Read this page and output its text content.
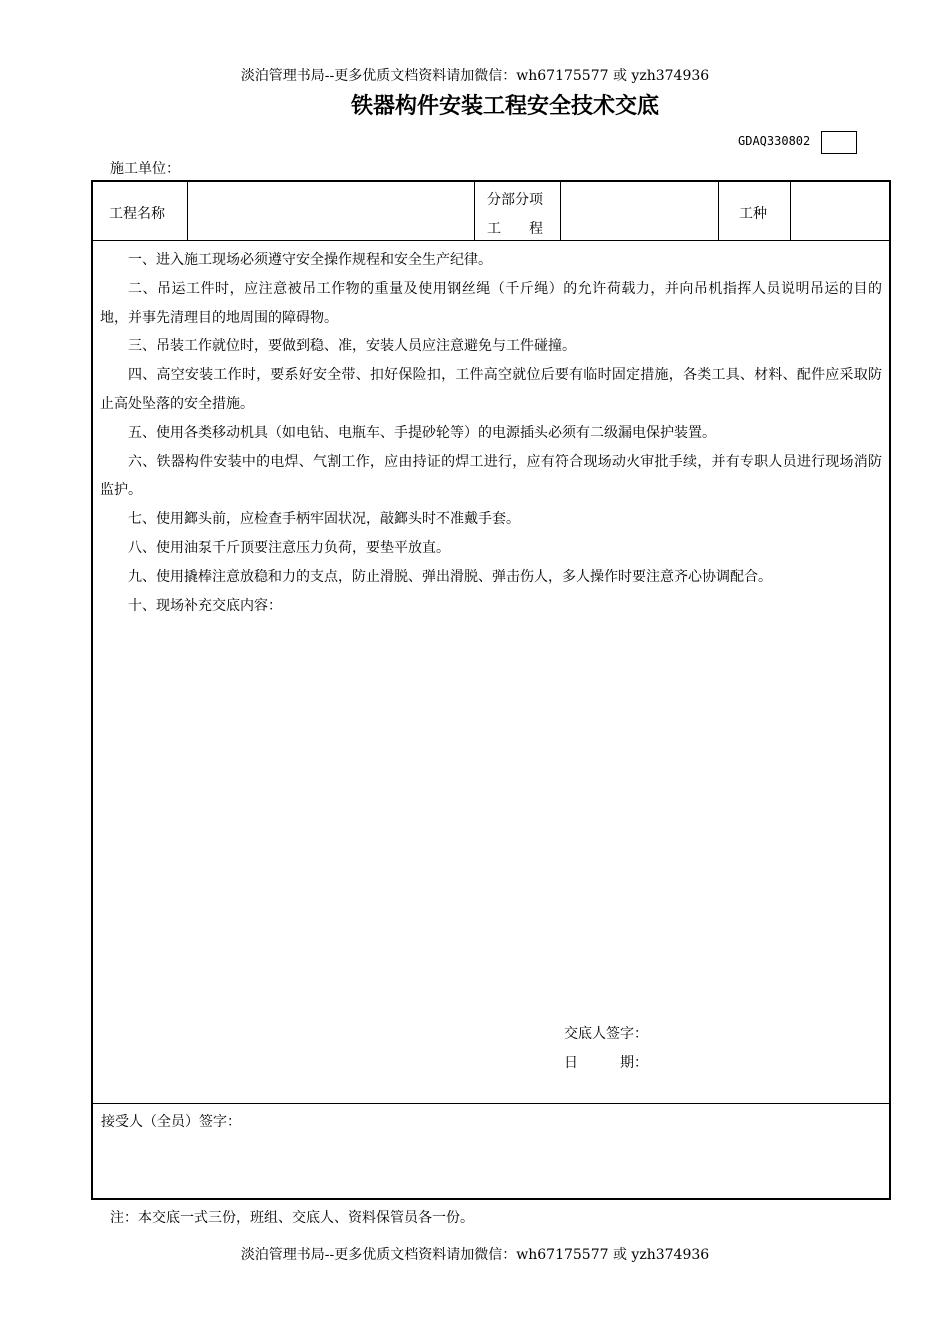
淡泊管理书局--更多优质文档资料请加微信：wh67175577 或 yzh374936
铁器构件安装工程安全技术交底
GDAQ330802
施工单位：
工程名称
分部分项
工　　程
工种

一、进入施工现场必须遵守安全操作规程和安全生产纪律。

二、吊运工件时，应注意被吊工作物的重量及使用钢丝绳（千斤绳）的允许荷载力，并向吊机指挥人员说明吊运的目的地，并事先清理目的地周围的障碍物。

三、吊装工作就位时，要做到稳、准，安装人员应注意避免与工件碰撞。

四、高空安装工作时，要系好安全带、扣好保险扣，工件高空就位后要有临时固定措施，各类工具、材料、配件应采取防止高处坠落的安全措施。

五、使用各类移动机具（如电钻、电瓶车、手提砂轮等）的电源插头必须有二级漏电保护装置。

六、铁器构件安装中的电焊、气割工作，应由持证的焊工进行，应有符合现场动火审批手续，并有专职人员进行现场消防监护。

七、使用鎯头前，应检查手柄牢固状况，敲鎯头时不准戴手套。

八、使用油泵千斤顶要注意压力负荷，要垫平放直。

九、使用撬棒注意放稳和力的支点，防止滑脱、弹出滑脱、弹击伤人，多人操作时要注意齐心协调配合。

十、现场补充交底内容：

交底人签字：
日　　　期：
接受人（全员）签字：
注：本交底一式三份，班组、交底人、资料保管员各一份。
淡泊管理书局--更多优质文档资料请加微信：wh67175577 或 yzh374936
